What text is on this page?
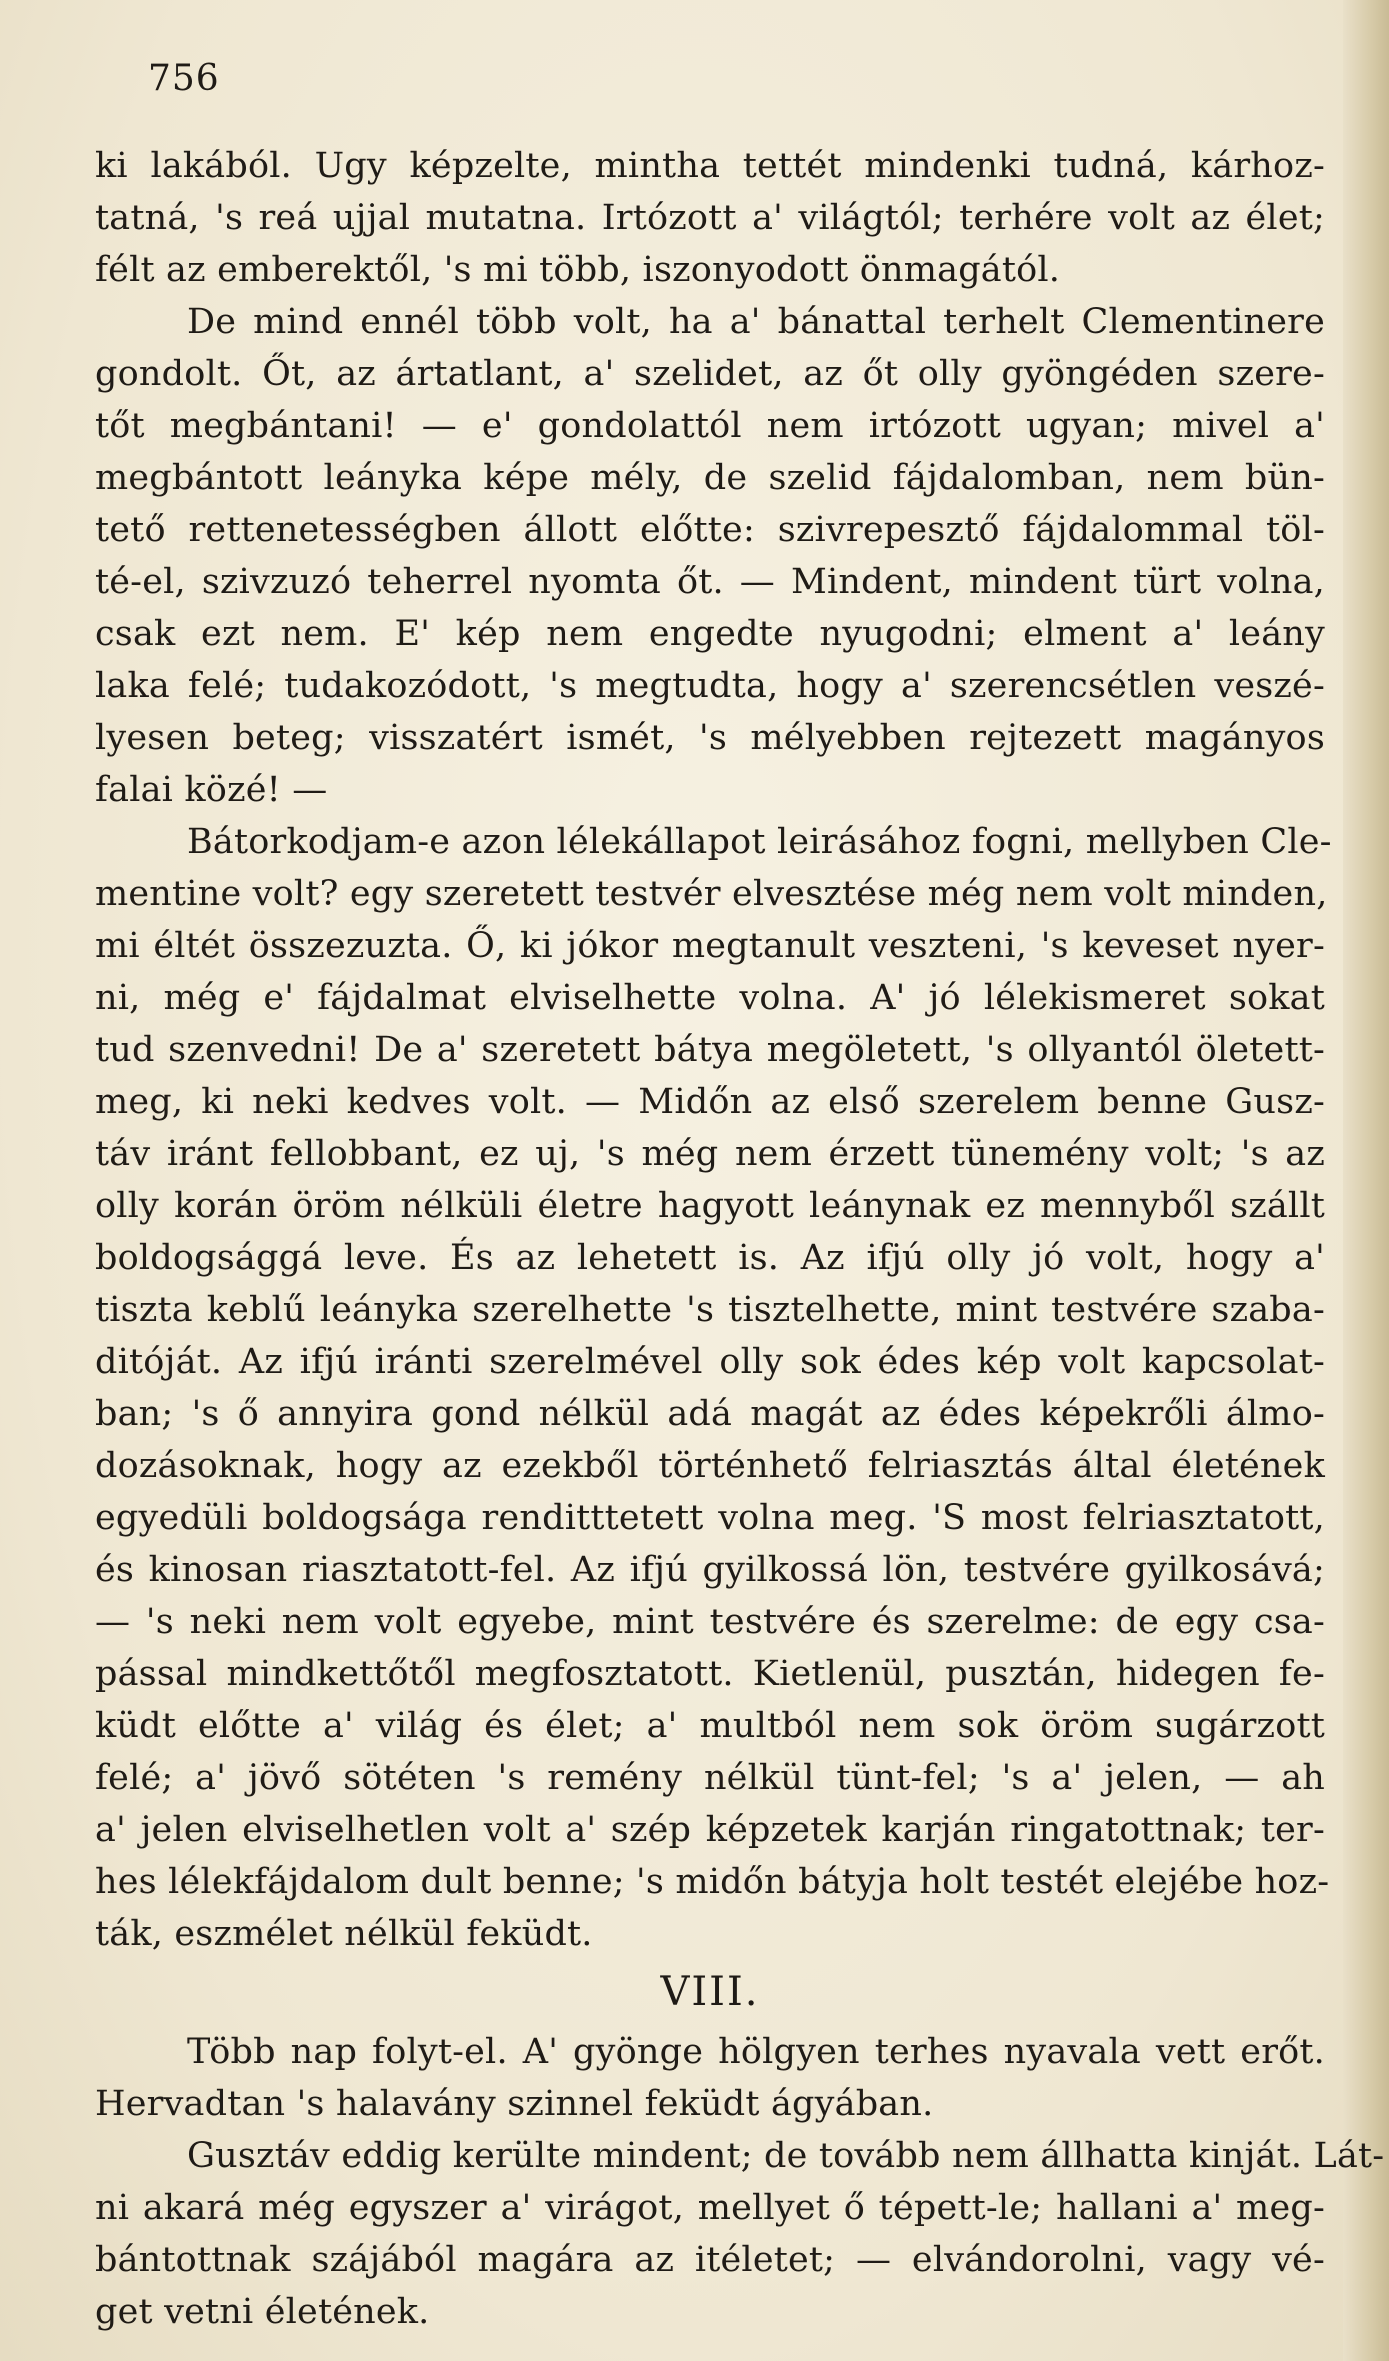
756
ki lakából. Ugy képzelte, mintha tettét mindenki tudná, kárhoz-
tatná, 's reá ujjal mutatna. Irtózott a' világtól; terhére volt az élet;
félt az emberektől, 's mi több, iszonyodott önmagától.
De mind ennél több volt, ha a' bánattal terhelt Clementinere
gondolt. Őt, az ártatlant, a' szelidet, az őt olly gyöngéden szere-
tőt megbántani! — e' gondolattól nem irtózott ugyan; mivel a'
megbántott leányka képe mély, de szelid fájdalomban, nem bün-
tető rettenetességben állott előtte: szivrepesztő fájdalommal töl-
té-el, szivzuzó teherrel nyomta őt. — Mindent, mindent türt volna,
csak ezt nem. E' kép nem engedte nyugodni; elment a' leány
laka felé; tudakozódott, 's megtudta, hogy a' szerencsétlen veszé-
lyesen beteg; visszatért ismét, 's mélyebben rejtezett magányos
falai közé! —
Bátorkodjam-e azon lélekállapot leirásához fogni, mellyben Cle-
mentine volt? egy szeretett testvér elvesztése még nem volt minden,
mi éltét összezuzta. Ő, ki jókor megtanult veszteni, 's keveset nyer-
ni, még e' fájdalmat elviselhette volna. A' jó lélekismeret sokat
tud szenvedni! De a' szeretett bátya megöletett, 's ollyantól öletett-
meg, ki neki kedves volt. — Midőn az első szerelem benne Gusz-
táv iránt fellobbant, ez uj, 's még nem érzett tünemény volt; 's az
olly korán öröm nélküli életre hagyott leánynak ez mennyből szállt
boldogsággá leve. És az lehetett is. Az ifjú olly jó volt, hogy a'
tiszta keblű leányka szerelhette 's tisztelhette, mint testvére szaba-
ditóját. Az ifjú iránti szerelmével olly sok édes kép volt kapcsolat-
ban; 's ő annyira gond nélkül adá magát az édes képekrőli álmo-
dozásoknak, hogy az ezekből történhető felriasztás által életének
egyedüli boldogsága renditttetett volna meg. 'S most felriasztatott,
és kinosan riasztatott-fel. Az ifjú gyilkossá lön, testvére gyilkosává;
— 's neki nem volt egyebe, mint testvére és szerelme: de egy csa-
pással mindkettőtől megfosztatott. Kietlenül, pusztán, hidegen fe-
küdt előtte a' világ és élet; a' multból nem sok öröm sugárzott
felé; a' jövő sötéten 's remény nélkül tünt-fel; 's a' jelen, — ah
a' jelen elviselhetlen volt a' szép képzetek karján ringatottnak; ter-
hes lélekfájdalom dult benne; 's midőn bátyja holt testét elejébe hoz-
ták, eszmélet nélkül feküdt.
VIII.
Több nap folyt-el. A' gyönge hölgyen terhes nyavala vett erőt.
Hervadtan 's halavány szinnel feküdt ágyában.
Gusztáv eddig kerülte mindent; de tovább nem állhatta kinját. Lát-
ni akará még egyszer a' virágot, mellyet ő tépett-le; hallani a' meg-
bántottnak szájából magára az itéletet; — elvándorolni, vagy vé-
get vetni életének.
